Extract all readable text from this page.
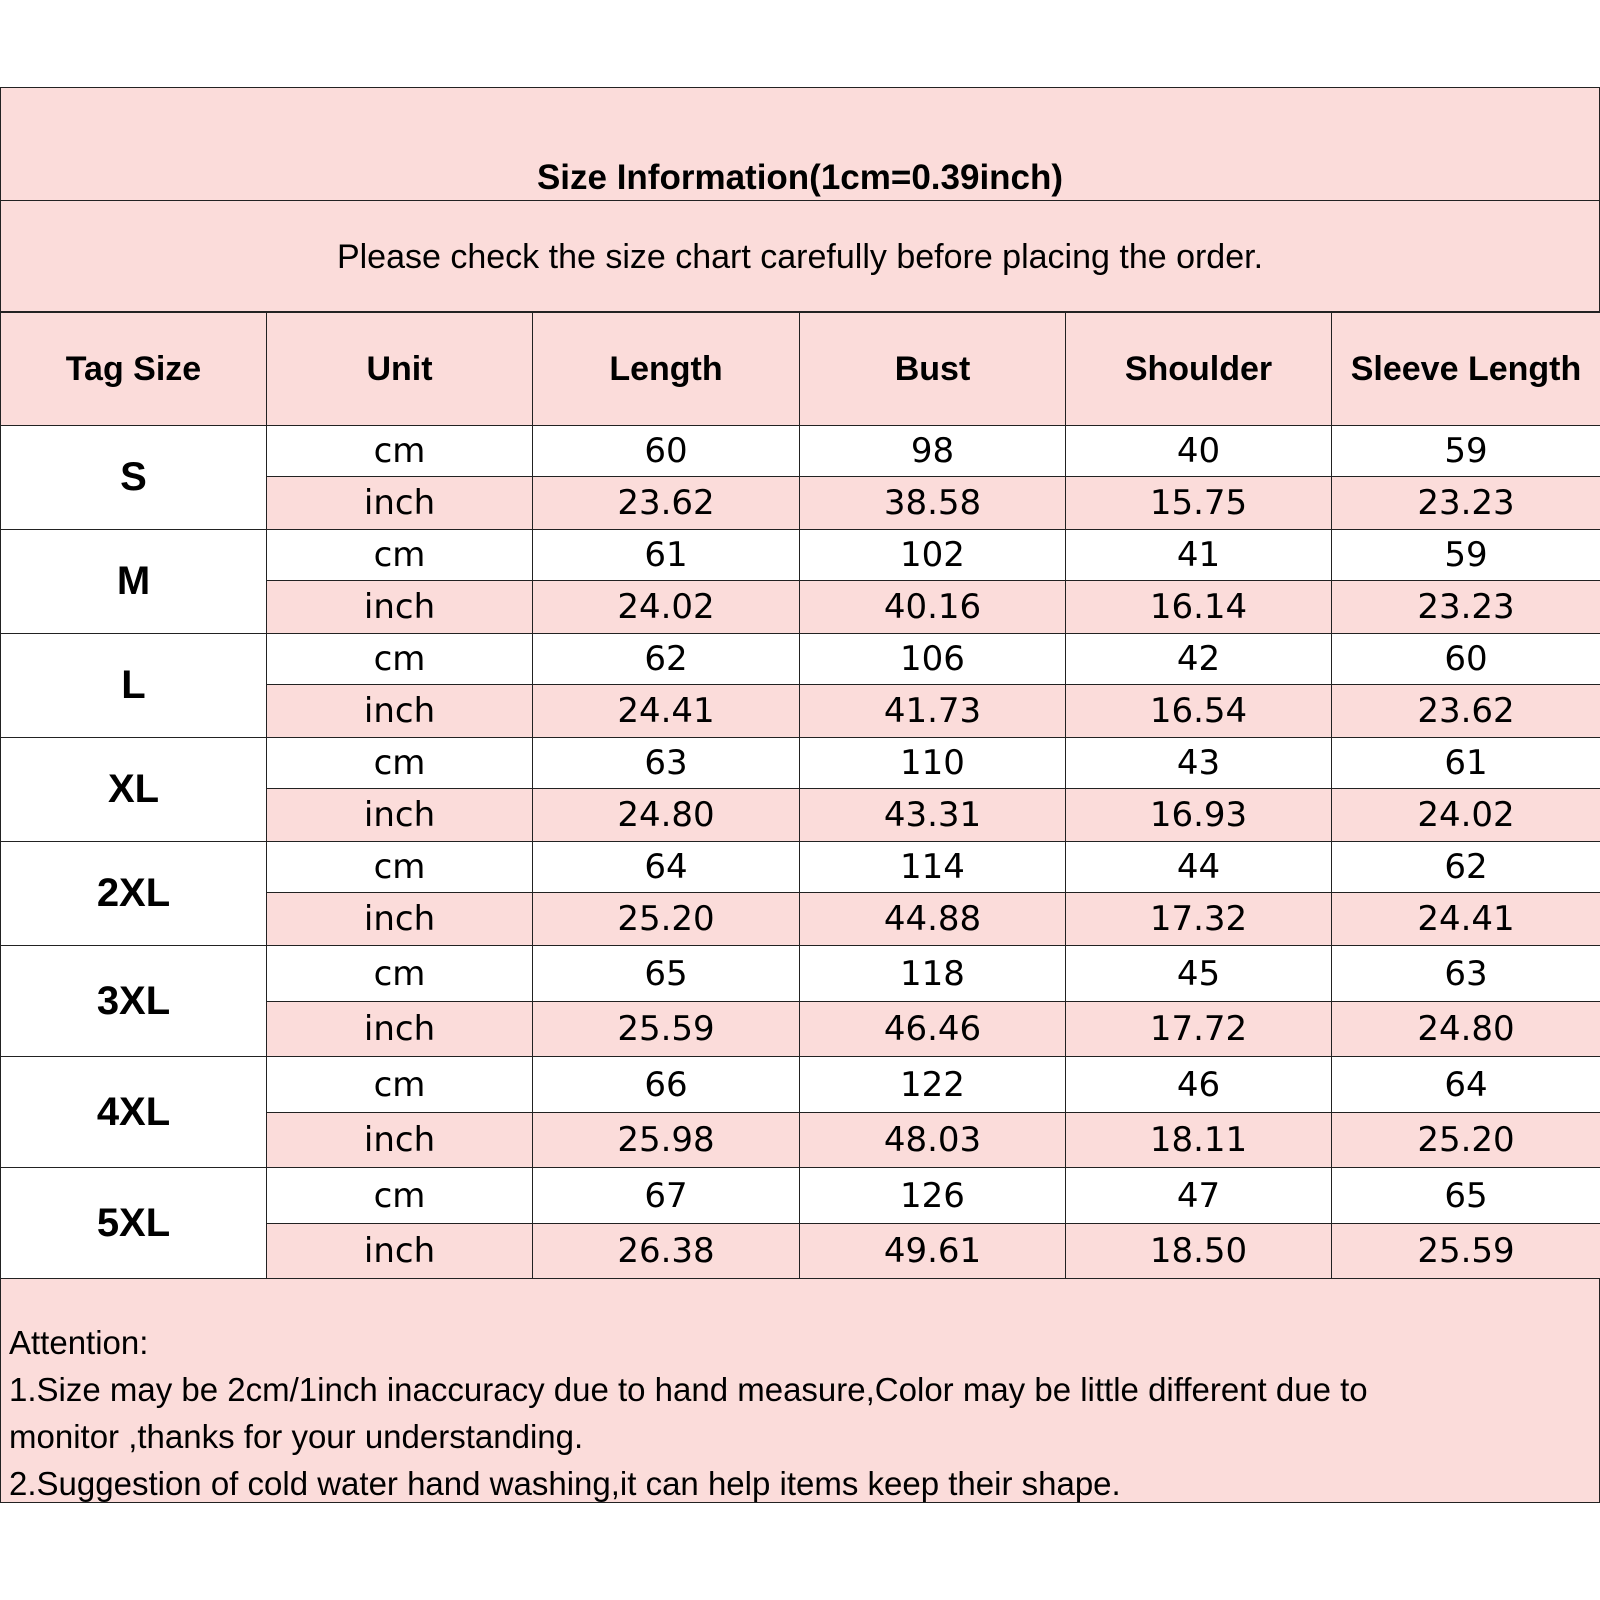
Size Information(1cm=0.39inch)
Please check the size chart carefully before placing the order.
Tag Size	Unit	Length	Bust	Shoulder	Sleeve Length
S	cm	60	98	40	59
	inch	23.62	38.58	15.75	23.23
M	cm	61	102	41	59
	inch	24.02	40.16	16.14	23.23
L	cm	62	106	42	60
	inch	24.41	41.73	16.54	23.62
XL	cm	63	110	43	61
	inch	24.80	43.31	16.93	24.02
2XL	cm	64	114	44	62
	inch	25.20	44.88	17.32	24.41
3XL	cm	65	118	45	63
	inch	25.59	46.46	17.72	24.80
4XL	cm	66	122	46	64
	inch	25.98	48.03	18.11	25.20
5XL	cm	67	126	47	65
	inch	26.38	49.61	18.50	25.59
Attention:
1.Size may be 2cm/1inch inaccuracy due to hand measure,Color may be little different due to
monitor ,thanks for your understanding.
2.Suggestion of cold water hand washing,it can help items keep their shape.
